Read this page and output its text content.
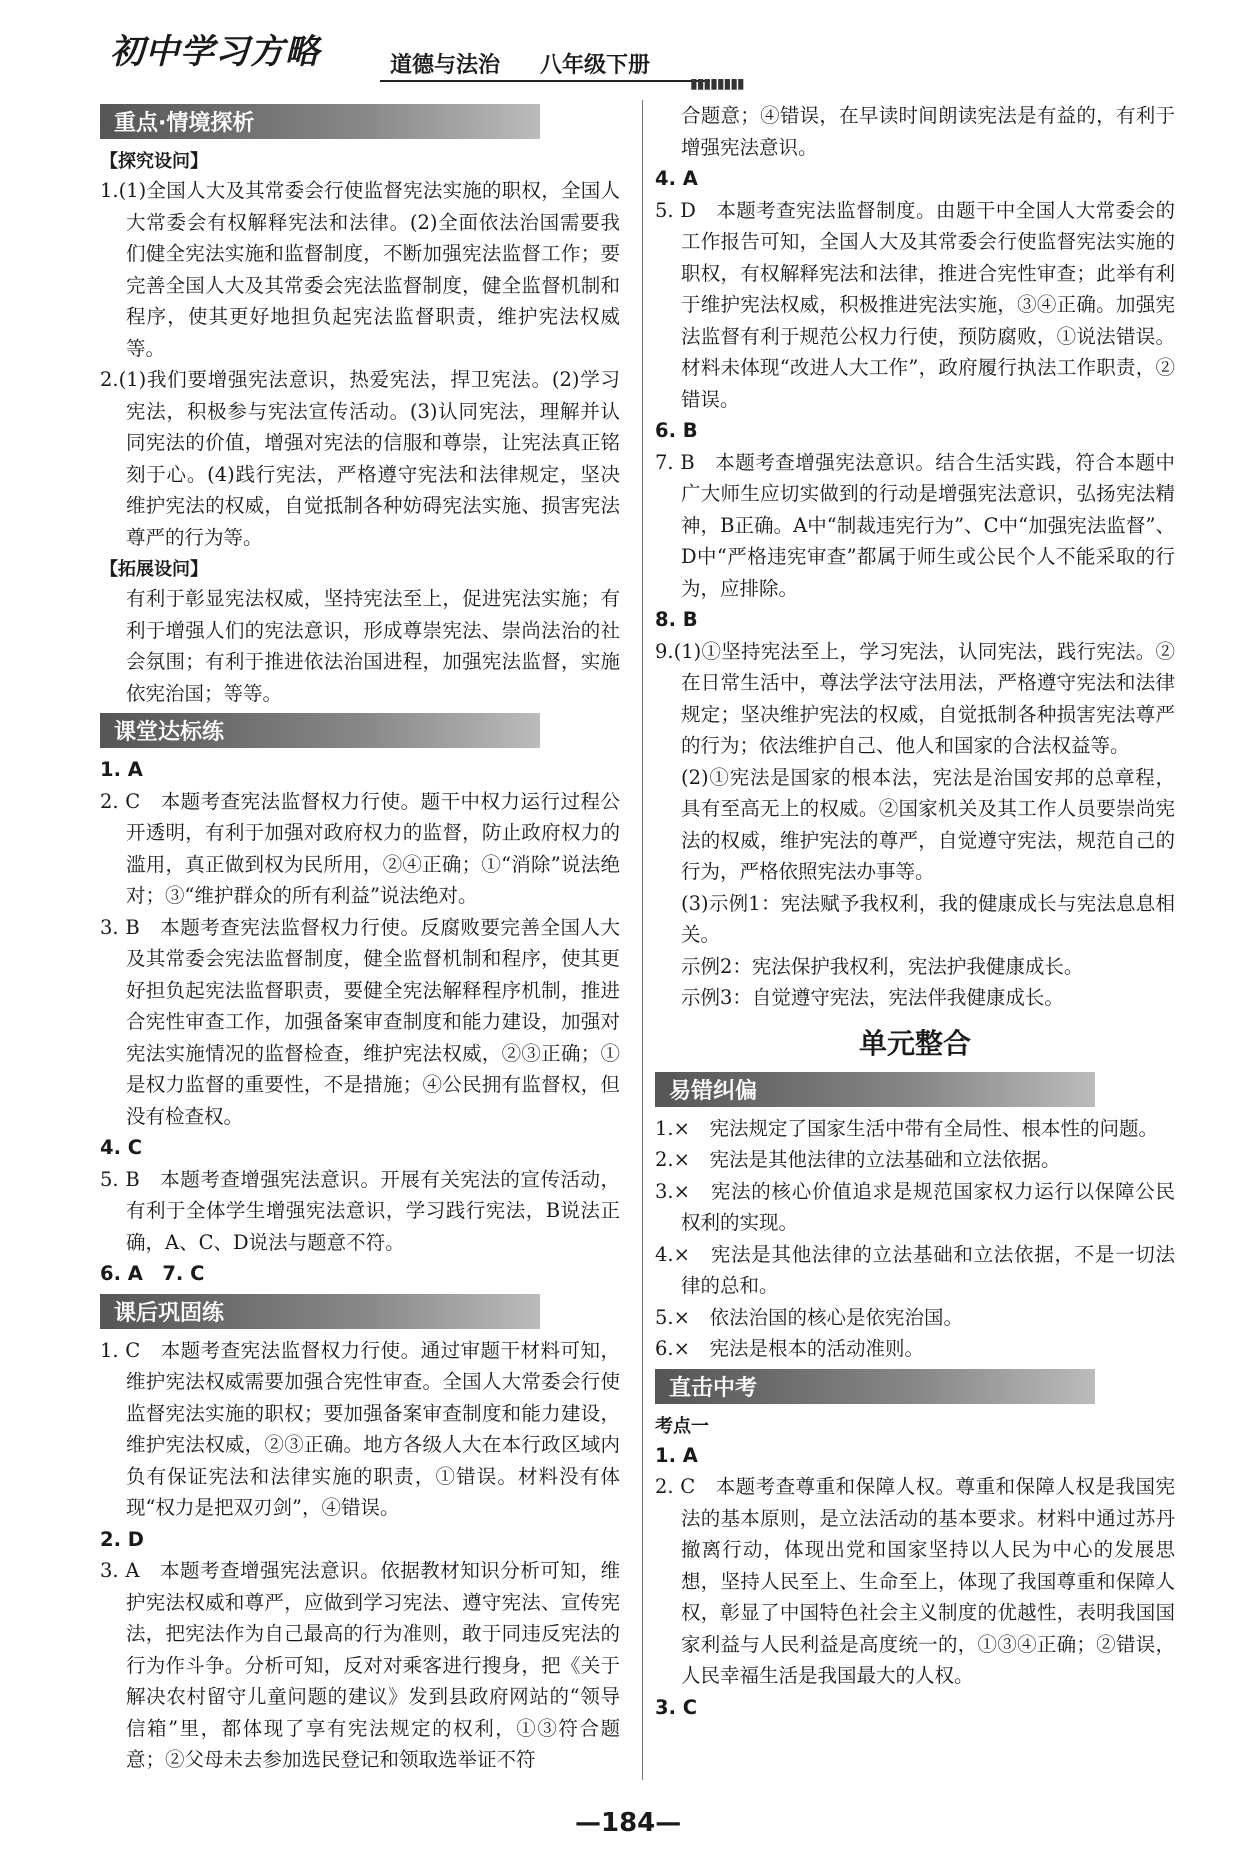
初中学习方略	道德与法治 八年级下册
▮▮▮▮▮▮▮▮
重点·情境探析
【探究设问】

1.(1)全国人大及其常委会行使监督宪法实施的职权，全国人大常委会有权解释宪法和法律。(2)全面依法治国需要我们健全宪法实施和监督制度，不断加强宪法监督工作；要完善全国人大及其常委会宪法监督制度，健全监督机制和程序，使其更好地担负起宪法监督职责，维护宪法权威等。

2.(1)我们要增强宪法意识，热爱宪法，捍卫宪法。(2)学习宪法，积极参与宪法宣传活动。(3)认同宪法，理解并认同宪法的价值，增强对宪法的信服和尊崇，让宪法真正铭刻于心。(4)践行宪法，严格遵守宪法和法律规定，坚决维护宪法的权威，自觉抵制各种妨碍宪法实施、损害宪法尊严的行为等。

【拓展设问】

有利于彰显宪法权威，坚持宪法至上，促进宪法实施；有利于增强人们的宪法意识，形成尊崇宪法、崇尚法治的社会氛围；有利于推进依法治国进程，加强宪法监督，实施依宪治国；等等。

课堂达标练

1. A

2. C　本题考查宪法监督权力行使。题干中权力运行过程公开透明，有利于加强对政府权力的监督，防止政府权力的滥用，真正做到权为民所用，②④正确；①“消除”说法绝对；③“维护群众的所有利益”说法绝对。

3. B　本题考查宪法监督权力行使。反腐败要完善全国人大及其常委会宪法监督制度，健全监督机制和程序，使其更好担负起宪法监督职责，要健全宪法解释程序机制，推进合宪性审查工作，加强备案审查制度和能力建设，加强对宪法实施情况的监督检查，维护宪法权威，②③正确；①是权力监督的重要性，不是措施；④公民拥有监督权，但没有检查权。

4. C

5. B　本题考查增强宪法意识。开展有关宪法的宣传活动，有利于全体学生增强宪法意识，学习践行宪法，B说法正确，A、C、D说法与题意不符。

6. A　7. C

课后巩固练

1. C　本题考查宪法监督权力行使。通过审题干材料可知，维护宪法权威需要加强合宪性审查。全国人大常委会行使监督宪法实施的职权；要加强备案审查制度和能力建设，维护宪法权威，②③正确。地方各级人大在本行政区域内负有保证宪法和法律实施的职责，①错误。材料没有体现“权力是把双刃剑”，④错误。

2. D

3. A　本题考查增强宪法意识。依据教材知识分析可知，维护宪法权威和尊严，应做到学习宪法、遵守宪法、宣传宪法，把宪法作为自己最高的行为准则，敢于同违反宪法的行为作斗争。分析可知，反对对乘客进行搜身，把《关于解决农村留守儿童问题的建议》发到县政府网站的“领导信箱”里，都体现了享有宪法规定的权利，①③符合题意；②父母未去参加选民登记和领取选举证不符

合题意；④错误，在早读时间朗读宪法是有益的，有利于增强宪法意识。

4. A

5. D　本题考查宪法监督制度。由题干中全国人大常委会的工作报告可知，全国人大及其常委会行使监督宪法实施的职权，有权解释宪法和法律，推进合宪性审查；此举有利于维护宪法权威，积极推进宪法实施，③④正确。加强宪法监督有利于规范公权力行使，预防腐败，①说法错误。材料未体现“改进人大工作”，政府履行执法工作职责，②错误。

6. B

7. B　本题考查增强宪法意识。结合生活实践，符合本题中广大师生应切实做到的行动是增强宪法意识，弘扬宪法精神，B正确。A中“制裁违宪行为”、C中“加强宪法监督”、D中“严格违宪审查”都属于师生或公民个人不能采取的行为，应排除。

8. B

9.(1)①坚持宪法至上，学习宪法，认同宪法，践行宪法。②在日常生活中，尊法学法守法用法，严格遵守宪法和法律规定；坚决维护宪法的权威，自觉抵制各种损害宪法尊严的行为；依法维护自己、他人和国家的合法权益等。

(2)①宪法是国家的根本法，宪法是治国安邦的总章程，具有至高无上的权威。②国家机关及其工作人员要崇尚宪法的权威，维护宪法的尊严，自觉遵守宪法，规范自己的行为，严格依照宪法办事等。

(3)示例1：宪法赋予我权利，我的健康成长与宪法息息相关。

示例2：宪法保护我权利，宪法护我健康成长。

示例3：自觉遵守宪法，宪法伴我健康成长。

单元整合
易错纠偏

1.×　宪法规定了国家生活中带有全局性、根本性的问题。

2.×　宪法是其他法律的立法基础和立法依据。

3.×　宪法的核心价值追求是规范国家权力运行以保障公民权利的实现。

4.×　宪法是其他法律的立法基础和立法依据，不是一切法律的总和。

5.×　依法治国的核心是依宪治国。

6.×　宪法是根本的活动准则。

直击中考
考点一

1. A

2. C　本题考查尊重和保障人权。尊重和保障人权是我国宪法的基本原则，是立法活动的基本要求。材料中通过苏丹撤离行动，体现出党和国家坚持以人民为中心的发展思想，坚持人民至上、生命至上，体现了我国尊重和保障人权，彰显了中国特色社会主义制度的优越性，表明我国国家利益与人民利益是高度统一的，①③④正确；②错误，人民幸福生活是我国最大的人权。

3. C

—184—
